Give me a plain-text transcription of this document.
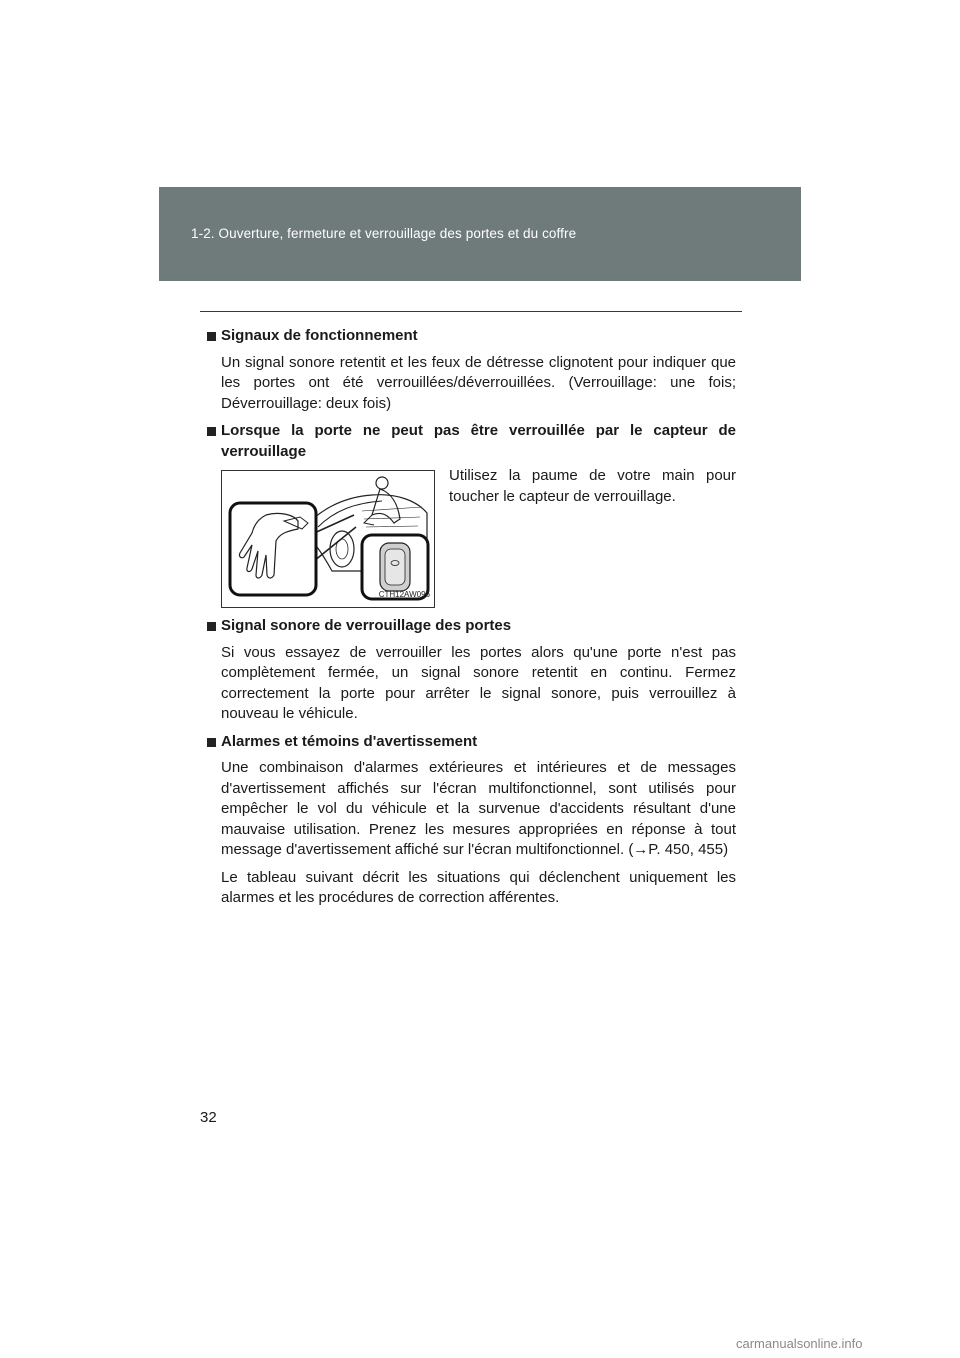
1-2. Ouverture, fermeture et verrouillage des portes et du coffre
Signaux de fonctionnement

Un signal sonore retentit et les feux de détresse clignotent pour indiquer que les portes ont été verrouillées/déverrouillées. (Verrouillage: une fois; Déverrouillage: deux fois)

Lorsque la porte ne peut pas être verrouillée par le capteur de verrouillage
CTH12AW096
Utilisez la paume de votre main pour toucher le capteur de verrouillage.
Signal sonore de verrouillage des portes

Si vous essayez de verrouiller les portes alors qu'une porte n'est pas complètement fermée, un signal sonore retentit en continu. Fermez correctement la porte pour arrêter le signal sonore, puis verrouillez à nouveau le véhicule.

Alarmes et témoins d'avertissement

Une combinaison d'alarmes extérieures et intérieures et de messages d'avertissement affichés sur l'écran multifonctionnel, sont utilisés pour empêcher le vol du véhicule et la survenue d'accidents résultant d'une mauvaise utilisation. Prenez les mesures appropriées en réponse à tout message d'avertissement affiché sur l'écran multifonctionnel. (→P. 450, 455)

Le tableau suivant décrit les situations qui déclenchent uniquement les alarmes et les procédures de correction afférentes.

32
carmanualsonline.info
